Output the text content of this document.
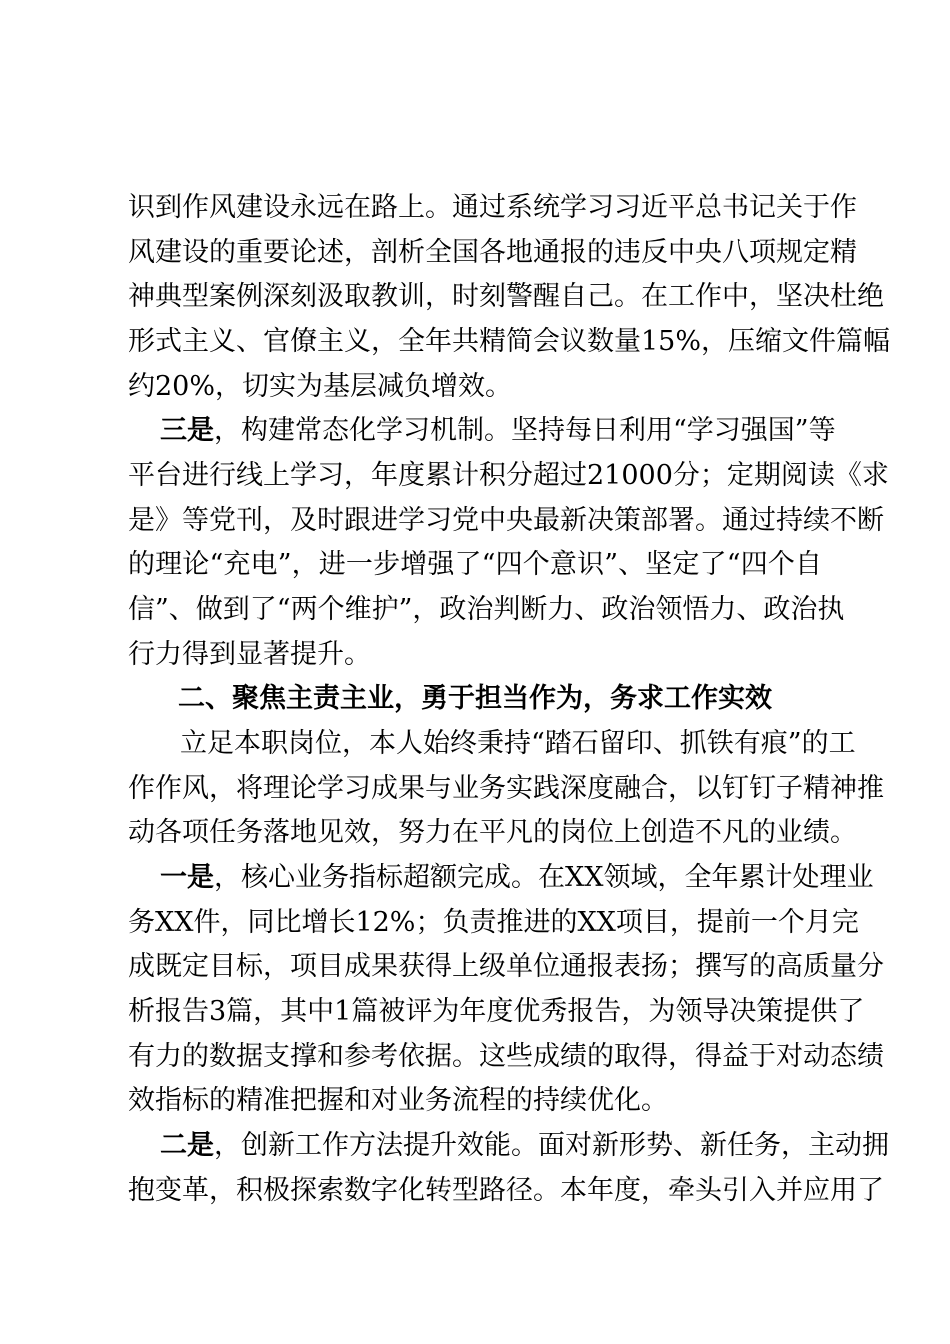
识到作风建设永远在路上。通过系统学习习近平总书记关于作
风建设的重要论述，剖析全国各地通报的违反中央八项规定精
神典型案例深刻汲取教训，时刻警醒自己。在工作中，坚决杜绝
形式主义、官僚主义，全年共精简会议数量15%，压缩文件篇幅
约20%，切实为基层减负增效。
三是，构建常态化学习机制。坚持每日利用“学习强国”等
平台进行线上学习，年度累计积分超过21000分；定期阅读《求
是》等党刊，及时跟进学习党中央最新决策部署。通过持续不断
的理论“充电”，进一步增强了“四个意识”、坚定了“四个自
信”、做到了“两个维护”，政治判断力、政治领悟力、政治执
行力得到显著提升。
二、聚焦主责主业，勇于担当作为，务求工作实效
立足本职岗位，本人始终秉持“踏石留印、抓铁有痕”的工
作作风，将理论学习成果与业务实践深度融合，以钉钉子精神推
动各项任务落地见效，努力在平凡的岗位上创造不凡的业绩。
一是，核心业务指标超额完成。在XX领域，全年累计处理业
务XX件，同比增长12%；负责推进的XX项目，提前一个月完
成既定目标，项目成果获得上级单位通报表扬；撰写的高质量分
析报告3篇，其中1篇被评为年度优秀报告，为领导决策提供了
有力的数据支撑和参考依据。这些成绩的取得，得益于对动态绩
效指标的精准把握和对业务流程的持续优化。
二是，创新工作方法提升效能。面对新形势、新任务，主动拥
抱变革，积极探索数字化转型路径。本年度，牵头引入并应用了
